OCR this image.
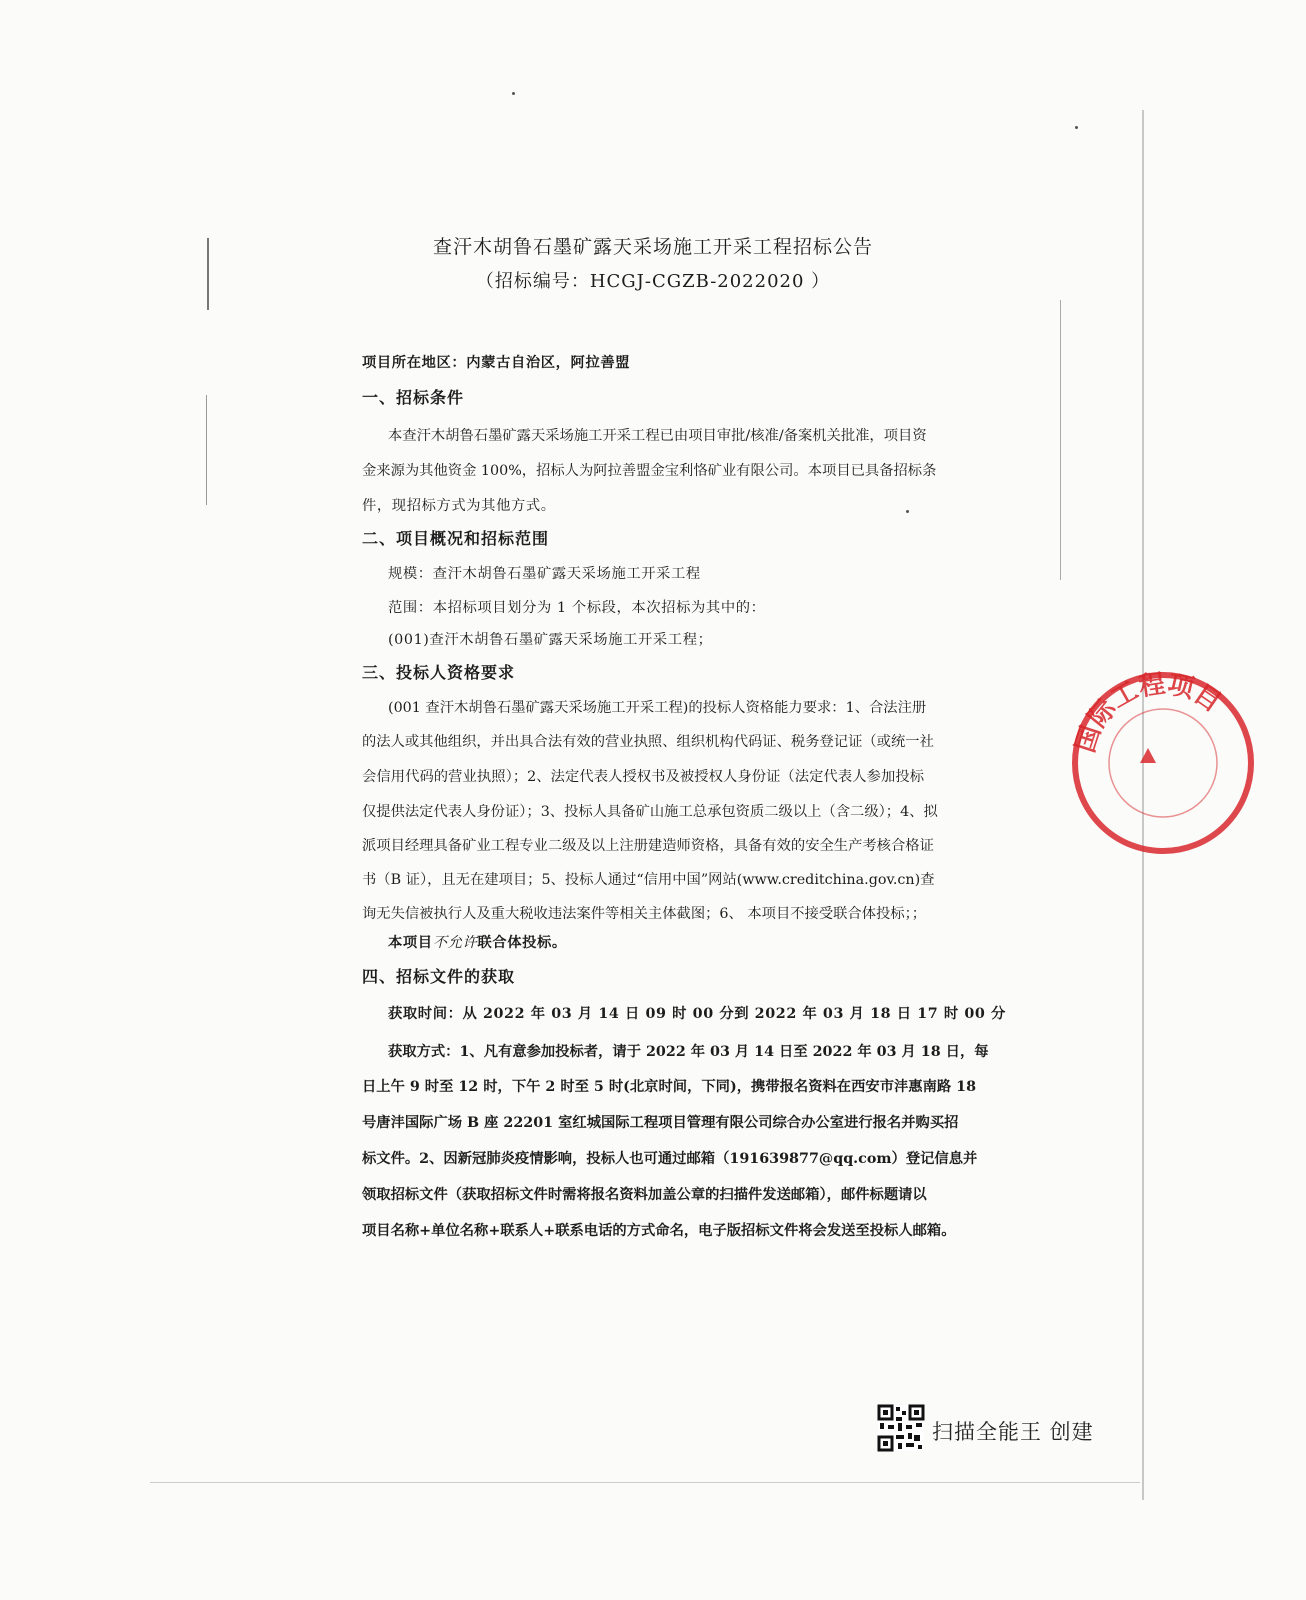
查汗木胡鲁石墨矿露天采场施工开采工程招标公告
（招标编号：HCGJ-CGZB-2022020 ）
项目所在地区：内蒙古自治区，阿拉善盟
一、招标条件
本查汗木胡鲁石墨矿露天采场施工开采工程已由项目审批/核准/备案机关批准，项目资
金来源为其他资金 100%，招标人为阿拉善盟金宝利恪矿业有限公司。本项目已具备招标条
件，现招标方式为其他方式。
二、项目概况和招标范围
规模：查汗木胡鲁石墨矿露天采场施工开采工程
范围：本招标项目划分为 1 个标段，本次招标为其中的：
(001)查汗木胡鲁石墨矿露天采场施工开采工程；
三、投标人资格要求
(001 查汗木胡鲁石墨矿露天采场施工开采工程)的投标人资格能力要求：1、合法注册
的法人或其他组织，并出具合法有效的营业执照、组织机构代码证、税务登记证（或统一社
会信用代码的营业执照）；2、法定代表人授权书及被授权人身份证（法定代表人参加投标
仅提供法定代表人身份证）；3、投标人具备矿山施工总承包资质二级以上（含二级）；4、拟
派项目经理具备矿业工程专业二级及以上注册建造师资格，具备有效的安全生产考核合格证
书（B 证），且无在建项目；5、投标人通过“信用中国”网站(www.creditchina.gov.cn)查
询无失信被执行人及重大税收违法案件等相关主体截图；6、 本项目不接受联合体投标；；
本项目不允许联合体投标。
四、招标文件的获取
获取时间：从 2022 年 03 月 14 日 09 时 00 分到 2022 年 03 月 18 日 17 时 00 分
获取方式：1、凡有意参加投标者，请于 2022 年 03 月 14 日至 2022 年 03 月 18 日，每
日上午 9 时至 12 时，下午 2 时至 5 时(北京时间，下同)，携带报名资料在西安市沣惠南路 18
号唐沣国际广场 B 座 22201 室红城国际工程项目管理有限公司综合办公室进行报名并购买招
标文件。2、因新冠肺炎疫情影响，投标人也可通过邮箱（191639877@qq.com）登记信息并
领取招标文件（获取招标文件时需将报名资料加盖公章的扫描件发送邮箱），邮件标题请以
项目名称+单位名称+联系人+联系电话的方式命名，电子版招标文件将会发送至投标人邮箱。
国际工程项目
扫描全能王 创建
